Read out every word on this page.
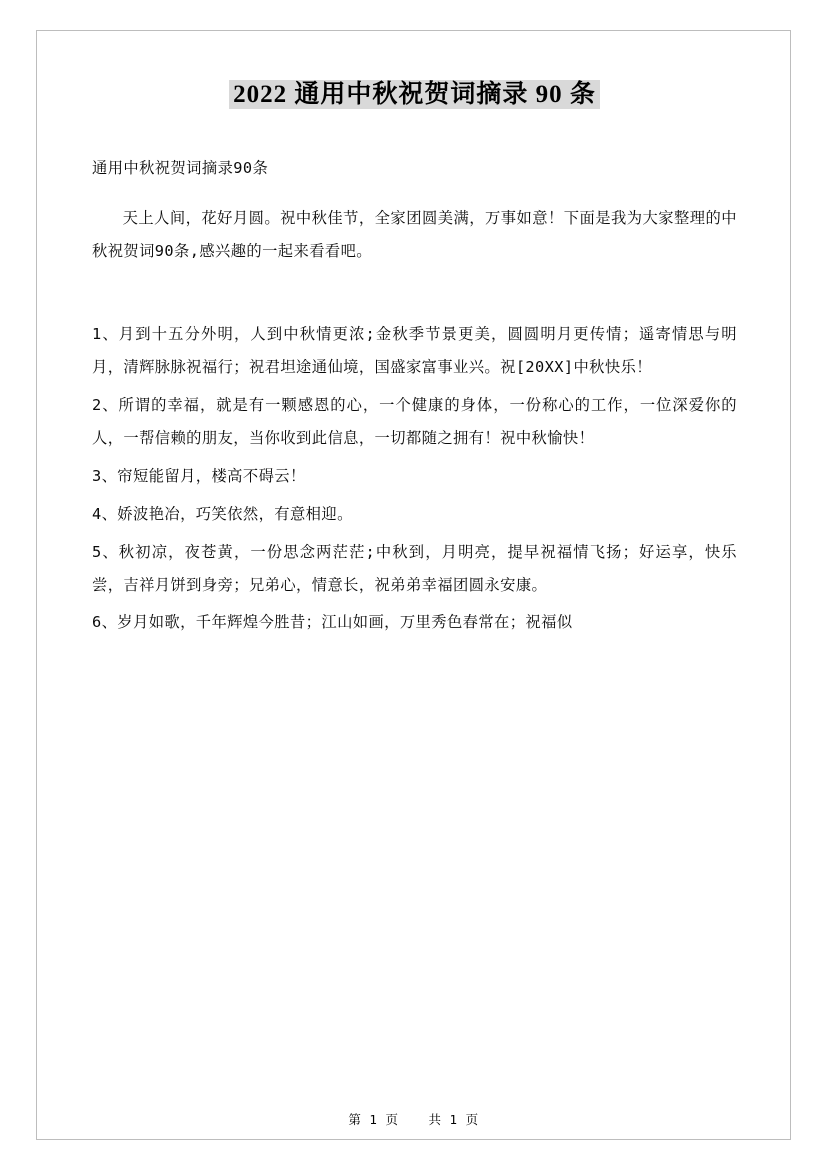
2022 通用中秋祝贺词摘录 90 条

通用中秋祝贺词摘录90条

天上人间，花好月圆。祝中秋佳节，全家团圆美满，万事如意！下面是我为大家整理的中秋祝贺词90条,感兴趣的一起来看看吧。

1、月到十五分外明，人到中秋情更浓;金秋季节景更美，圆圆明月更传情；遥寄情思与明月，清辉脉脉祝福行；祝君坦途通仙境，国盛家富事业兴。祝[20XX]中秋快乐！

2、所谓的幸福，就是有一颗感恩的心，一个健康的身体，一份称心的工作，一位深爱你的人，一帮信赖的朋友，当你收到此信息，一切都随之拥有！祝中秋愉快！

3、帘短能留月，楼高不碍云！

4、娇波艳冶，巧笑依然，有意相迎。

5、秋初凉，夜苍黄，一份思念两茫茫;中秋到，月明亮，提早祝福情飞扬；好运享，快乐尝，吉祥月饼到身旁；兄弟心，情意长，祝弟弟幸福团圆永安康。

6、岁月如歌，千年辉煌今胜昔；江山如画，万里秀色春常在；祝福似

第 1 页 共 1 页
